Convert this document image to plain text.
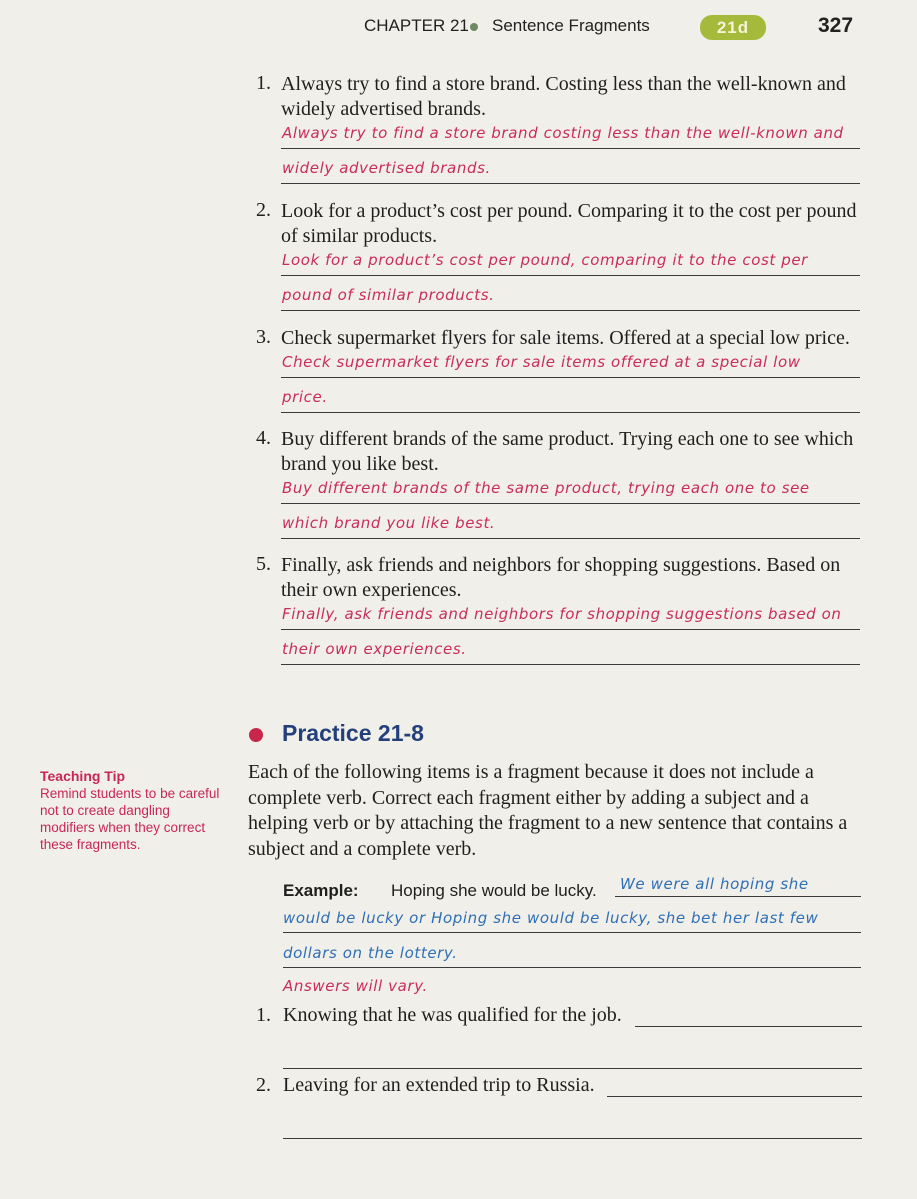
CHAPTER 21 Sentence Fragments	21d	327
1. Always try to find a store brand. Costing less than the well-known and widely advertised brands.
Always try to find a store brand costing less than the well-known and
widely advertised brands.
2. Look for a product’s cost per pound. Comparing it to the cost per pound of similar products.
Look for a product’s cost per pound, comparing it to the cost per
pound of similar products.
3. Check supermarket flyers for sale items. Offered at a special low price.
Check supermarket flyers for sale items offered at a special low
price.
4. Buy different brands of the same product. Trying each one to see which brand you like best.
Buy different brands of the same product, trying each one to see
which brand you like best.
5. Finally, ask friends and neighbors for shopping suggestions. Based on their own experiences.
Finally, ask friends and neighbors for shopping suggestions based on
their own experiences.
Practice 21-8
Teaching Tip
Remind students to be careful not to create dangling modifiers when they correct these fragments.
Each of the following items is a fragment because it does not include a complete verb. Correct each fragment either by adding a subject and a helping verb or by attaching the fragment to a new sentence that contains a subject and a complete verb.
Example: Hoping she would be lucky. We were all hoping she
would be lucky or Hoping she would be lucky, she bet her last few
dollars on the lottery.
Answers will vary.
1. Knowing that he was qualified for the job.
2. Leaving for an extended trip to Russia.
